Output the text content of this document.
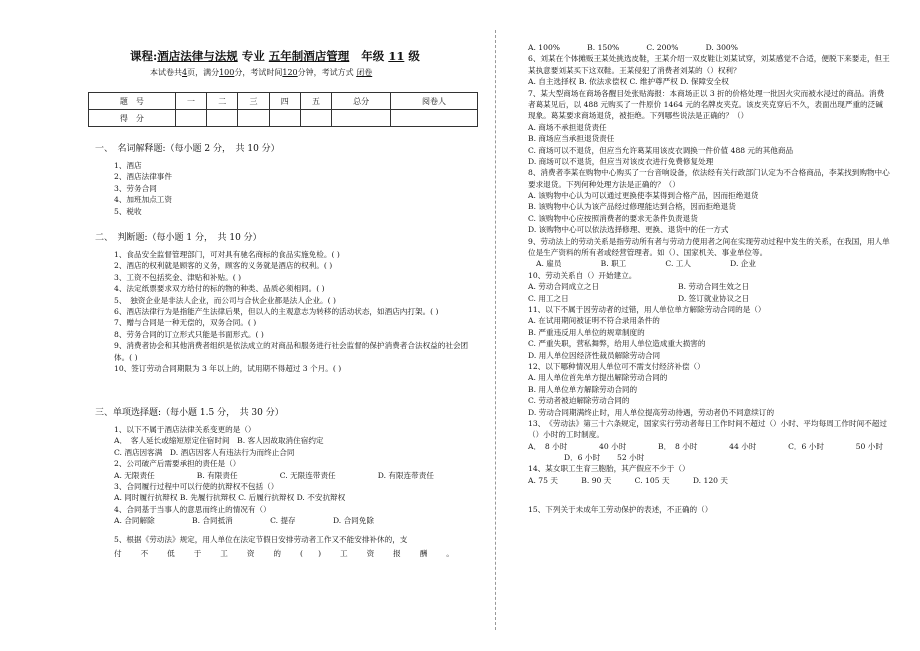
课程:酒店法律与法规 专业 五年制酒店管理 年级 11 级
本试卷共4页，满分100分，考试时间120分钟，考试方式 闭卷
题　号	一	二	三	四	五	总分	阅卷人
得　分							
一、　名词解释题:（每小题 2 分，　共 10 分）
1、酒店
2、酒店法律事件
3、劳务合同
4、加班加点工资
5、税收
二、　判断题:（每小题 1 分，　共 10 分）
1、食品安全监督管理部门，可对具有驰名商标的食品实施免检。( )
2、酒店的权利就是顾客的义务，顾客的义务就是酒店的权利。( )
3、工资不包括奖金、津贴和补贴。( )
4、法定纸票要求双方给付的标的物的种类、品质必须相同。( )
5、　独资企业是非法人企业，而公司与合伙企业都是法人企业。( )
6、酒店法律行为是指能产生法律后果，但以人的主观意志为转移的活动状态，如酒店内打架。( )
7、赠与合同是一种无偿的，双务合同。( )
8、劳务合同的订立形式只能是书面形式。( )
9、消费者协会和其他消费者组织是依法成立的对商品和服务进行社会监督的保护消费者合法权益的社会团体。( )
10、签订劳动合同期限为 3 年以上的，试用期不得超过 3 个月。( )
三、单项选择题:（每小题 1.5 分，　共 30 分）
1、以下不属于酒店法律关系变更的是（）
A．　客人延长或缩短原定住宿时间　B. 客人因故取消住宿约定
C. 酒店因客满　D. 酒店因客人有违法行为而终止合同
2、公司破产后需要承担的责任是（）
A. 无限责任	B. 有限责任	C. 无限连带责任	D. 有限连带责任
3、合同履行过程中可以行使的抗辩权不包括（）
A. 同时履行抗辩权 B. 先履行抗辩权 C. 后履行抗辩权 D. 不安抗辩权
4、合同基于当事人的意思而终止的情况有（）
A. 合同解除	B. 合同抵消	C. 提存	D. 合同免除
5、根据《劳动法》规定，用人单位在法定节假日安排劳动者工作又不能安排补休的，支
付 不 低 于 工 资 的 (　　) 工 资 报 酬 。
A. 100%	B. 150%	C. 200%	D. 300%
6、刘某在个体摊贩王某处挑选皮鞋，王某介绍一双皮鞋让刘某试穿，刘某感觉不合适，便脱下来要走，但王某执意要刘某买下这双鞋。王某侵犯了消费者刘某的（）权利？
A. 自主选择权 B. 依法求偿权 C. 维护尊严权 D. 保障安全权
7、某大型商场在商场各醒目处张贴海报：本商场正以 3 折的价格处理一批因火灾而被水浸过的商品。消费者葛某见后，以 488 元购买了一件原价 1464 元的名牌皮夹克。该皮夹克穿后不久，表面出现严重的泛碱现象。葛某要求商场退货，被拒绝。下列哪些说法是正确的？（）
A. 商场不承担退货责任
B. 商场应当承担退货责任
C. 商场可以不退货，但应当允许葛某用该皮衣调换一件价值 488 元的其他商品
D. 商场可以不退货，但应当对该皮衣进行免费修复处理
8、消费者李某在购物中心购买了一台音响设备，依法经有关行政部门认定为不合格商品，李某找到购物中心要求退货。下列何种处理方法是正确的？（）
A. 该购物中心认为可以通过更换使李某得到合格产品，因而拒绝退货
B. 该购物中心认为该产品经过修理能达到合格，因而拒绝退货
C. 该购物中心应按照消费者的要求无条件负责退货
D. 该购物中心可以依法选择修理、更换、退货中的任一方式
9、劳动法上的劳动关系是指劳动所有者与劳动力使用者之间在实现劳动过程中发生的关系，在我国，用人单位是生产资料的所有者或经营管理者。如（）、国家机关、事业单位等。
A. 雇员	B. 职工	C. 工人	D. 企业
10、劳动关系自（）开始建立。
A. 劳动合同成立之日	B. 劳动合同生效之日
C. 用工之日	D. 签订就业协议之日
11、以下不属于因劳动者的过错，用人单位单方解除劳动合同的是（）
A. 在试用期间被证明不符合录用条件的
B. 严重违反用人单位的规章制度的
C. 严重失职，营私舞弊，给用人单位造成重大损害的
D. 用人单位因经济性裁员解除劳动合同
12、以下哪种情况用人单位可不需支付经济补偿（）
A. 用人单位首先单方提出解除劳动合同的
B. 用人单位单方解除劳动合同的
C. 劳动者被迫解除劳动合同的
D. 劳动合同期满终止时，用人单位提高劳动待遇，劳动者仍不同意续订的
13、　《劳动法》第三十六条规定，国家实行劳动者每日工作时间不超过（）小时、平均每周工作时间不超过（）小时的工时制度。
A．　8 小时	40 小时	B．　8 小时	44 小时	C．6 小时	50 小时
D．6 小时 52 小时
14、某女职工生育三胞胎，其产假应不少于（）
A. 75 天	B. 90 天	C. 105 天	D. 120 天
15、下列关于未成年工劳动保护的表述，不正确的（）
